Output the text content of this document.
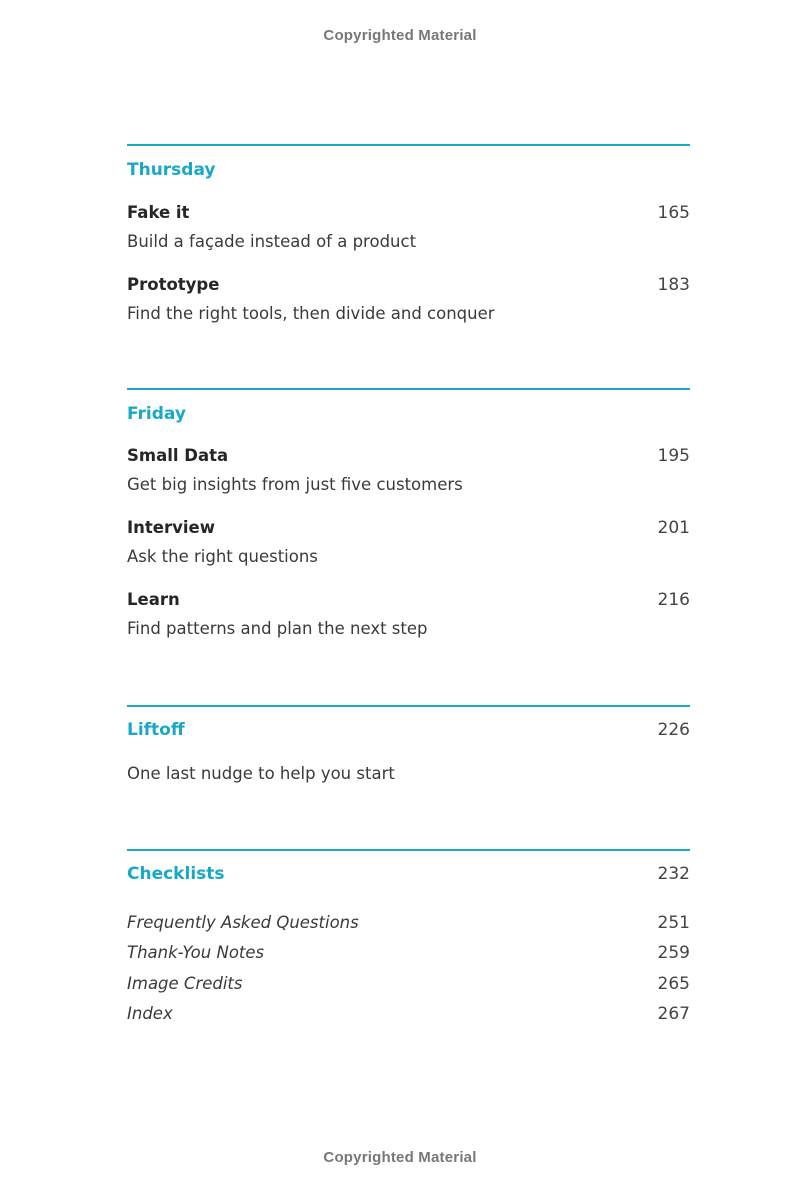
Copyrighted Material
Thursday
Fake it	165
Build a façade instead of a product
Prototype	183
Find the right tools, then divide and conquer
Friday
Small Data	195
Get big insights from just five customers
Interview	201
Ask the right questions
Learn	216
Find patterns and plan the next step
Liftoff	226
One last nudge to help you start
Checklists	232
Frequently Asked Questions	251
Thank-You Notes	259
Image Credits	265
Index	267
Copyrighted Material
